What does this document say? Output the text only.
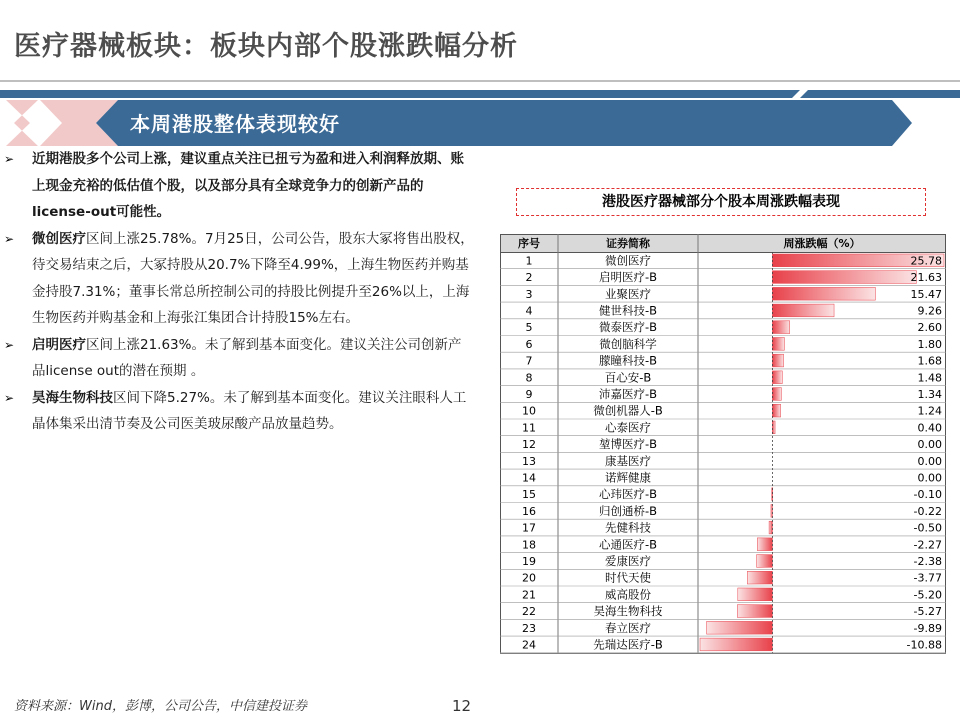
医疗器械板块：板块内部个股涨跌幅分析
本周港股整体表现较好
➢ 近期港股多个公司上涨，建议重点关注已扭亏为盈和进入利润释放期、账上现金充裕的低估值个股，以及部分具有全球竞争力的创新产品的license-out可能性。
➢ 微创医疗区间上涨25.78%。7月25日，公司公告，股东大冢将售出股权，待交易结束之后，大冢持股从20.7%下降至4.99%，上海生物医药并购基金持股7.31%；董事长常总所控制公司的持股比例提升至26%以上，上海生物医药并购基金和上海张江集团合计持股15%左右。
➢ 启明医疗区间上涨21.63%。未了解到基本面变化。建议关注公司创新产品license out的潜在预期 。
➢ 昊海生物科技区间下降5.27%。未了解到基本面变化。建议关注眼科人工晶体集采出清节奏及公司医美玻尿酸产品放量趋势。
港股医疗器械部分个股本周涨跌幅表现
序号	证券简称	周涨跌幅（%）
1	微创医疗	25.78
2	启明医疗-B	21.63
3	业聚医疗	15.47
4	健世科技-B	9.26
5	微泰医疗-B	2.60
6	微创脑科学	1.80
7	朦瞳科技-B	1.68
8	百心安-B	1.48
9	沛嘉医疗-B	1.34
10	微创机器人-B	1.24
11	心泰医疗	0.40
12	堃博医疗-B	0.00
13	康基医疗	0.00
14	诺辉健康	0.00
15	心玮医疗-B	-0.10
16	归创通桥-B	-0.22
17	先健科技	-0.50
18	心通医疗-B	-2.27
19	爱康医疗	-2.38
20	时代天使	-3.77
21	威高股份	-5.20
22	昊海生物科技	-5.27
23	春立医疗	-9.89
24	先瑞达医疗-B	-10.88
资料来源：Wind，彭博，公司公告，中信建投证券	12
